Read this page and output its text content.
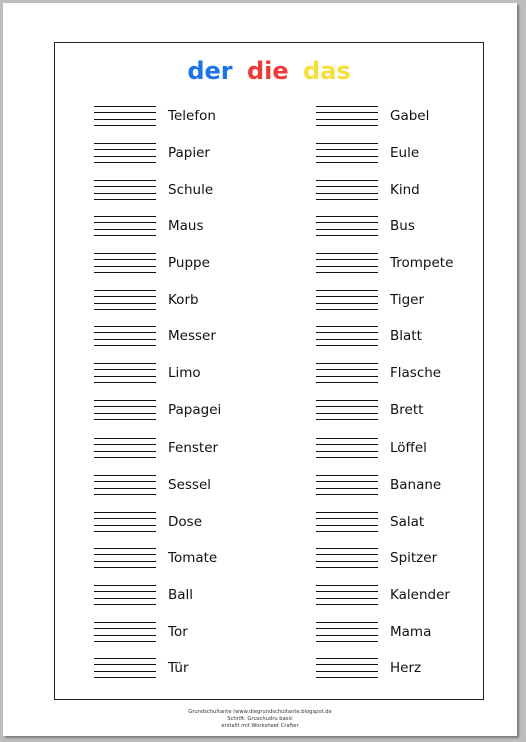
der die das
Telefon	Gabel
Papier	Eule
Schule	Kind
Maus	Bus
Puppe	Trompete
Korb	Tiger
Messer	Blatt
Limo	Flasche
Papagei	Brett
Fenster	Löffel
Sessel	Banane
Dose	Salat
Tomate	Spitzer
Ball	Kalender
Tor	Mama
Tür	Herz
Grundschultante (www.diegrundschultante.blogspot.de
Schrift: Gruschudru basic
erstellt mit Worksheet Crafter
